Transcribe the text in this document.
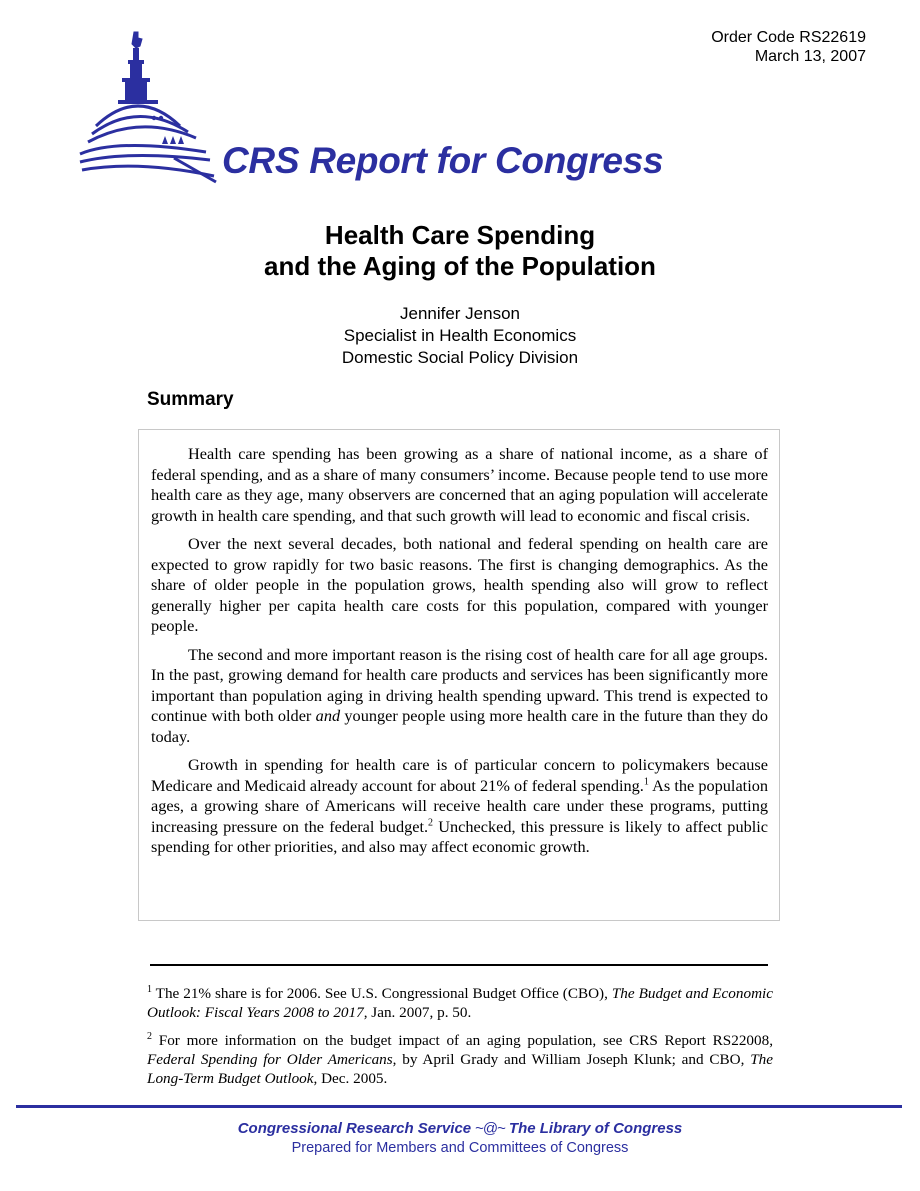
Order Code RS22619
March 13, 2007
CRS Report for Congress
Health Care Spending
and the Aging of the Population
Jennifer Jenson
Specialist in Health Economics
Domestic Social Policy Division
Summary

Health care spending has been growing as a share of national income, as a share of federal spending, and as a share of many consumers’ income. Because people tend to use more health care as they age, many observers are concerned that an aging population will accelerate growth in health care spending, and that such growth will lead to economic and fiscal crisis.

Over the next several decades, both national and federal spending on health care are expected to grow rapidly for two basic reasons. The first is changing demographics. As the share of older people in the population grows, health spending also will grow to reflect generally higher per capita health care costs for this population, compared with younger people.

The second and more important reason is the rising cost of health care for all age groups. In the past, growing demand for health care products and services has been significantly more important than population aging in driving health spending upward. This trend is expected to continue with both older and younger people using more health care in the future than they do today.

Growth in spending for health care is of particular concern to policymakers because Medicare and Medicaid already account for about 21% of federal spending.$^1$ As the population ages, a growing share of Americans will receive health care under these programs, putting increasing pressure on the federal budget.$^2$ Unchecked, this pressure is likely to affect public spending for other priorities, and also may affect economic growth.

$^1$ The 21% share is for 2006. See U.S. Congressional Budget Office (CBO), The Budget and Economic Outlook: Fiscal Years 2008 to 2017, Jan. 2007, p. 50.

$^2$ For more information on the budget impact of an aging population, see CRS Report RS22008, Federal Spending for Older Americans, by April Grady and William Joseph Klunk; and CBO, The Long-Term Budget Outlook, Dec. 2005.

Congressional Research Service ~@~ The Library of Congress
Prepared for Members and Committees of Congress
